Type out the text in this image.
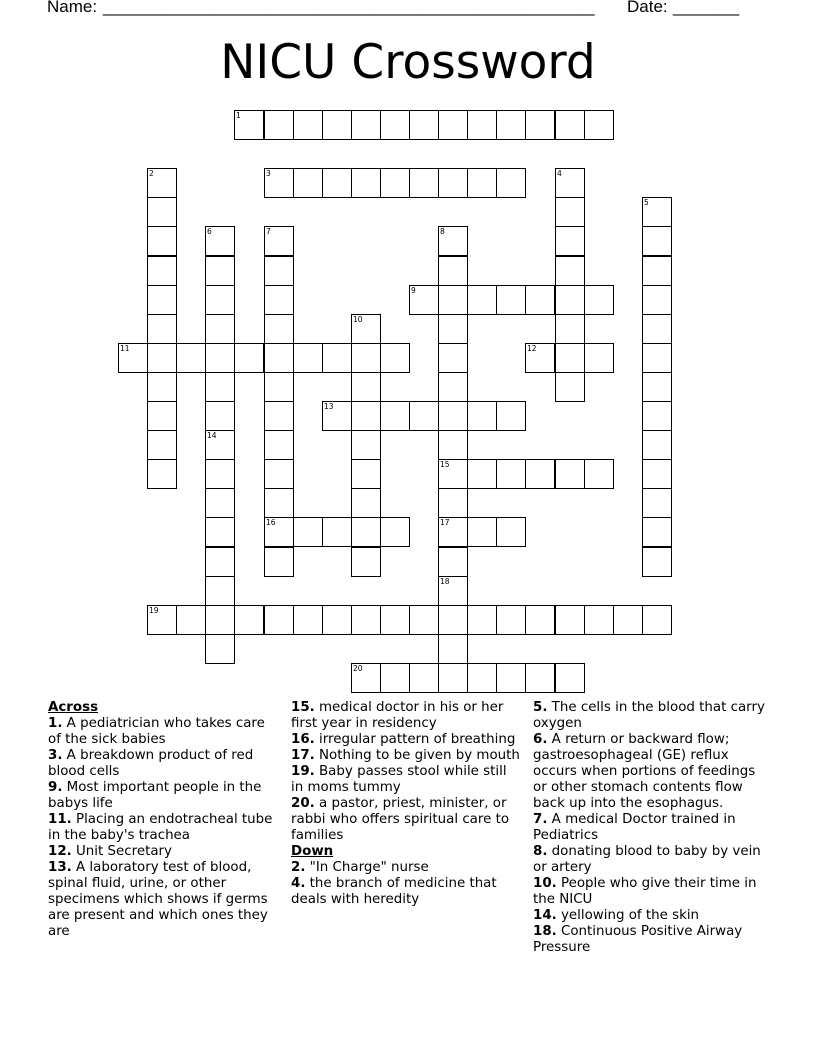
Name: ____________________________________________________ Date: _______
NICU Crossword
1
2	3	4
5
6
14
7
16
8
15
17
18
9
10
11	12
13
19
20
Across
1. A pediatrician who takes care of the sick babies
3. A breakdown product of red blood cells
9. Most important people in the babys life
11. Placing an endotracheal tube in the baby's trachea
12. Unit Secretary
13. A laboratory test of blood, spinal fluid, urine, or other specimens which shows if germs are present and which ones they are
15. medical doctor in his or her first year in residency
16. irregular pattern of breathing
17. Nothing to be given by mouth
19. Baby passes stool while still in moms tummy
20. a pastor, priest, minister, or rabbi who offers spiritual care to families
Down
2. "In Charge" nurse
4. the branch of medicine that deals with heredity
5. The cells in the blood that carry oxygen
6. A return or backward flow; gastroesophageal (GE) reflux occurs when portions of feedings or other stomach contents flow back up into the esophagus.
7. A medical Doctor trained in Pediatrics
8. donating blood to baby by vein or artery
10. People who give their time in the NICU
14. yellowing of the skin
18. Continuous Positive Airway Pressure
